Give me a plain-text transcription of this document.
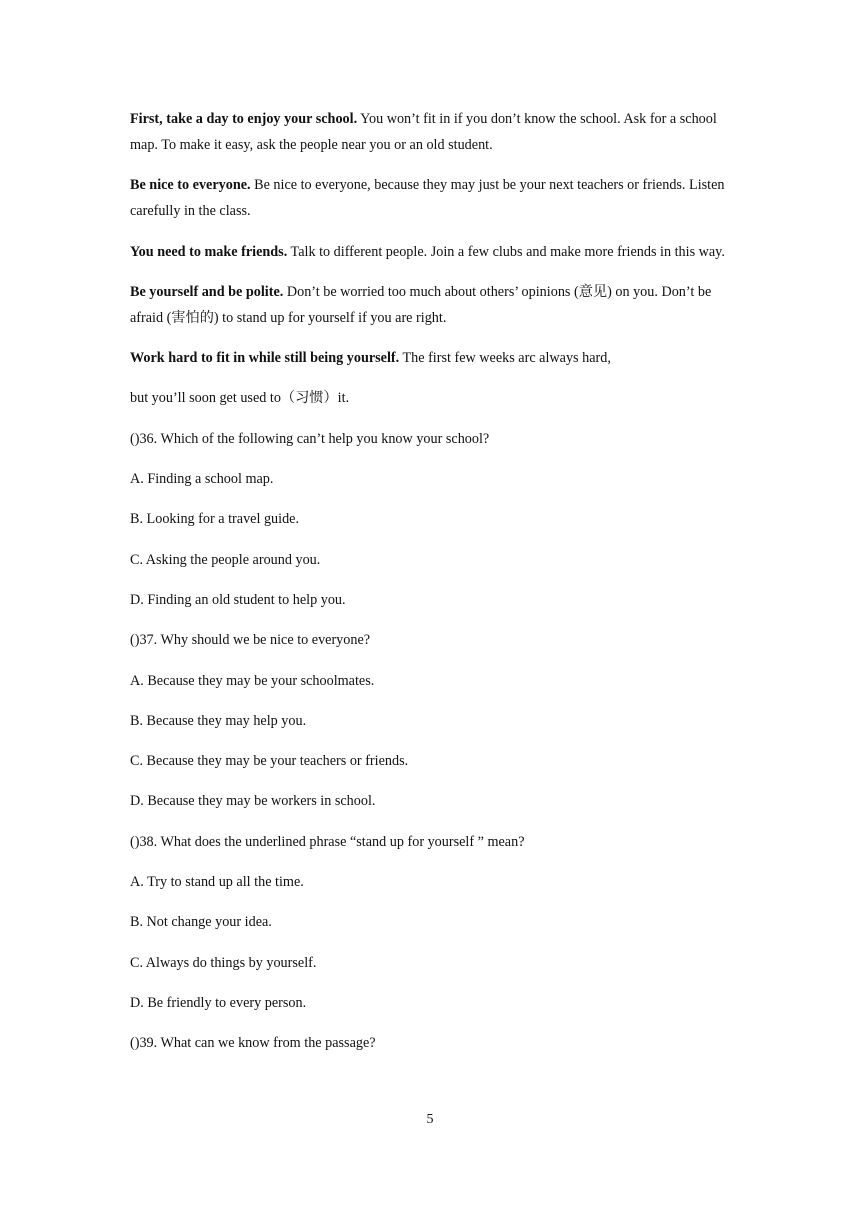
First, take a day to enjoy your school. You won’t fit in if you don’t know the school. Ask for a school map. To make it easy, ask the people near you or an old student.

Be nice to everyone. Be nice to everyone, because they may just be your next teachers or friends. Listen carefully in the class.

You need to make friends. Talk to different people. Join a few clubs and make more friends in this way.

Be yourself and be polite. Don’t be worried too much about others’ opinions (意见) on you. Don’t be afraid (害怕的) to stand up for yourself if you are right.

Work hard to fit in while still being yourself. The first few weeks arc always hard,

but you’ll soon get used to（习惯）it.

()36. Which of the following can’t help you know your school?

A. Finding a school map.

B. Looking for a travel guide.

C. Asking the people around you.

D. Finding an old student to help you.

()37. Why should we be nice to everyone?

A. Because they may be your schoolmates.

B. Because they may help you.

C. Because they may be your teachers or friends.

D. Because they may be workers in school.

()38. What does the underlined phrase “stand up for yourself ” mean?

A. Try to stand up all the time.

B. Not change your idea.

C. Always do things by yourself.

D. Be friendly to every person.

()39. What can we know from the passage?

5
